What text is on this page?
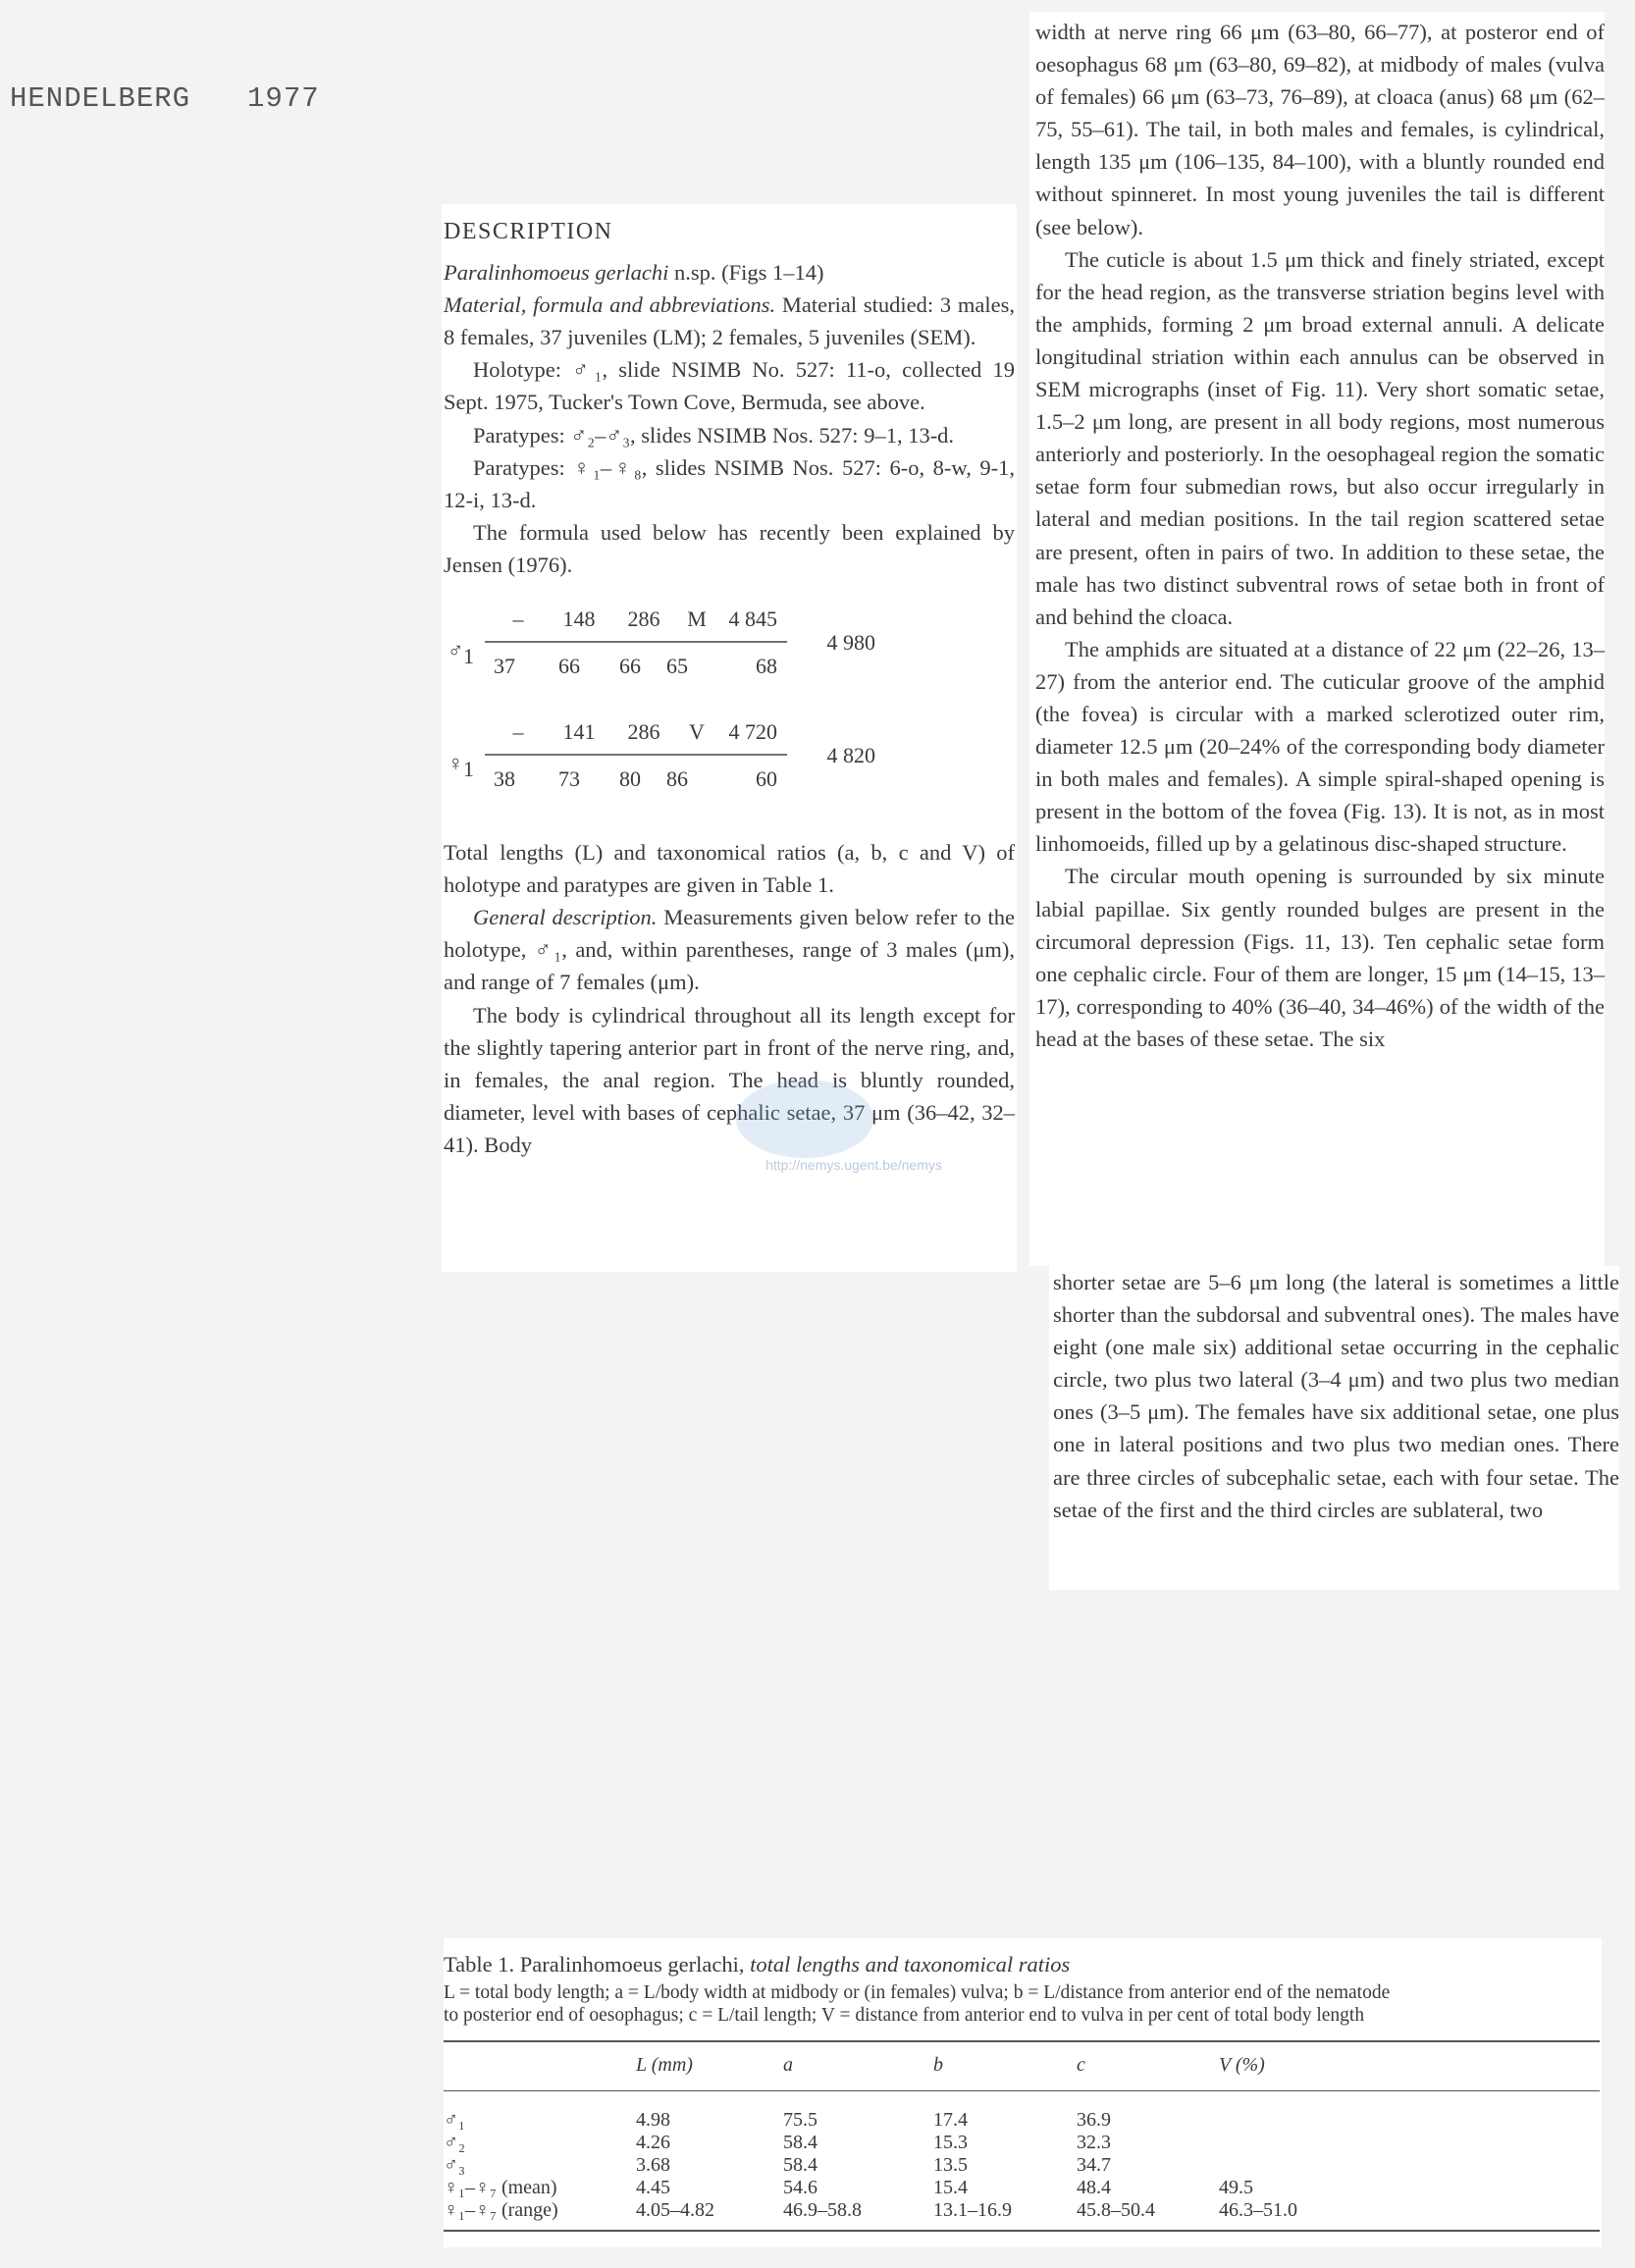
HENDELBERG 1977

DESCRIPTION

Paralinhomoeus gerlachi n.sp. (Figs 1–14)

Material, formula and abbreviations. Material studied: 3 males, 8 females, 37 juveniles (LM); 2 females, 5 juveniles (SEM).

Holotype: ♂₁, slide NSIMB No. 527: 11-o, collected 19 Sept. 1975, Tucker's Town Cove, Bermuda, see above.

Paratypes: ♂₂–♂₃, slides NSIMB Nos. 527: 9–1, 13-d.

Paratypes: ♀₁–♀₈, slides NSIMB Nos. 527: 6-o, 8-w, 9-1, 12-i, 13-d.

The formula used below has recently been explained by Jensen (1976).

♂ 1
– 148 286 M 4 845
37 66 66 65	68
4 980
♀ 1
– 141 286 V 4 720
38 73 80 86	60
4 820

Total lengths (L) and taxonomical ratios (a, b, c and V) of holotype and paratypes are given in Table 1.

General description. Measurements given below refer to the holotype, ♂₁, and, within parentheses, range of 3 males (μm), and range of 7 females (μm).

The body is cylindrical throughout all its length except for the slightly tapering anterior part in front of the nerve ring, and, in females, the anal region. The head is bluntly rounded, diameter, level with bases of cephalic setae, 37 μm (36–42, 32–41). Body

http://nemys.ugent.be/nemys

width at nerve ring 66 μm (63–80, 66–77), at posteror end of oesophagus 68 μm (63–80, 69–82), at midbody of males (vulva of females) 66 μm (63–73, 76–89), at cloaca (anus) 68 μm (62–75, 55–61). The tail, in both males and females, is cylindrical, length 135 μm (106–135, 84–100), with a bluntly rounded end without spinneret. In most young juveniles the tail is different (see below).

The cuticle is about 1.5 μm thick and finely striated, except for the head region, as the transverse striation begins level with the amphids, forming 2 μm broad external annuli. A delicate longitudinal striation within each annulus can be observed in SEM micrographs (inset of Fig. 11). Very short somatic setae, 1.5–2 μm long, are present in all body regions, most numerous anteriorly and posteriorly. In the oesophageal region the somatic setae form four submedian rows, but also occur irregularly in lateral and median positions. In the tail region scattered setae are present, often in pairs of two. In addition to these setae, the male has two distinct subventral rows of setae both in front of and behind the cloaca.

The amphids are situated at a distance of 22 μm (22–26, 13–27) from the anterior end. The cuticular groove of the amphid (the fovea) is circular with a marked sclerotized outer rim, diameter 12.5 μm (20–24% of the corresponding body diameter in both males and females). A simple spiral-shaped opening is present in the bottom of the fovea (Fig. 13). It is not, as in most linhomoeids, filled up by a gelatinous disc-shaped structure.

The circular mouth opening is surrounded by six minute labial papillae. Six gently rounded bulges are present in the circumoral depression (Figs. 11, 13). Ten cephalic setae form one cephalic circle. Four of them are longer, 15 μm (14–15, 13–17), corresponding to 40% (36–40, 34–46%) of the width of the head at the bases of these setae. The six

shorter setae are 5–6 μm long (the lateral is sometimes a little shorter than the subdorsal and subventral ones). The males have eight (one male six) additional setae occurring in the cephalic circle, two plus two lateral (3–4 μm) and two plus two median ones (3–5 μm). The females have six additional setae, one plus one in lateral positions and two plus two median ones. There are three circles of subcephalic setae, each with four setae. The setae of the first and the third circles are sublateral, two

Table 1. Paralinhomoeus gerlachi, total lengths and taxonomical ratios

L = total body length; a = L/body width at midbody or (in females) vulva; b = L/distance from anterior end of the nematode
to posterior end of oesophagus; c = L/tail length; V = distance from anterior end to vulva in per cent of total body length

	L (mm)	a	b	c	V (%)
♂₁	4.98	75.5	17.4	36.9	
♂₂	4.26	58.4	15.3	32.3	
♂₃	3.68	58.4	13.5	34.7	
♀₁–♀₇ (mean)	4.45	54.6	15.4	48.4	49.5
♀₁–♀₇ (range)	4.05–4.82	46.9–58.8	13.1–16.9	45.8–50.4	46.3–51.0
